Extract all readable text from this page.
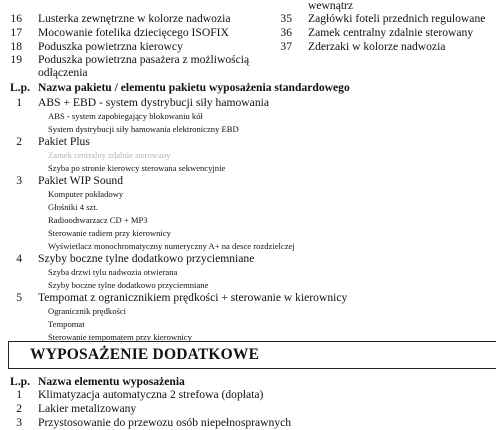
16 Lusterka zewnętrzne w kolorze nadwozia
17 Mocowanie fotelika dziecięcego ISOFIX
18 Poduszka powietrzna kierowcy
19 Poduszka powietrzna pasażera z możliwością
odłączenia
wewnątrz
35 Zagłówki foteli przednich regulowane
36 Zamek centralny zdalnie sterowany
37 Zderzaki w kolorze nadwozia
L.p. Nazwa pakietu / elementu pakietu wyposażenia standardowego
1 ABS + EBD - system dystrybucji siły hamowania
ABS - system zapobiegający blokowaniu kół
System dystrybucji siły hamowania elektroniczny EBD
2 Pakiet Plus
Zamek centralny zdalnie sterowany
Szyba po stronie kierowcy sterowana sekwencyjnie
3 Pakiet WIP Sound
Komputer pokładowy
Głośniki 4 szt.
Radioodtwarzacz CD + MP3
Sterowanie radiem przy kierownicy
Wyświetlacz monochromatyczny numeryczny A+ na desce rozdzielczej
4 Szyby boczne tylne dodatkowo przyciemniane
Szyba drzwi tylu nadwozia otwierana
Szyby boczne tylne dodatkowo przyciemniane
5 Tempomat z ogranicznikiem prędkości + sterowanie w kierownicy
Ogranicznik prędkości
Tempomat
Sterowanie tempomatem przy kierownicy
WYPOSAŻENIE DODATKOWE
L.p. Nazwa elementu wyposażenia
1 Klimatyzacja automatyczna 2 strefowa (dopłata)
2 Lakier metalizowany
3 Przystosowanie do przewozu osób niepełnosprawnych
